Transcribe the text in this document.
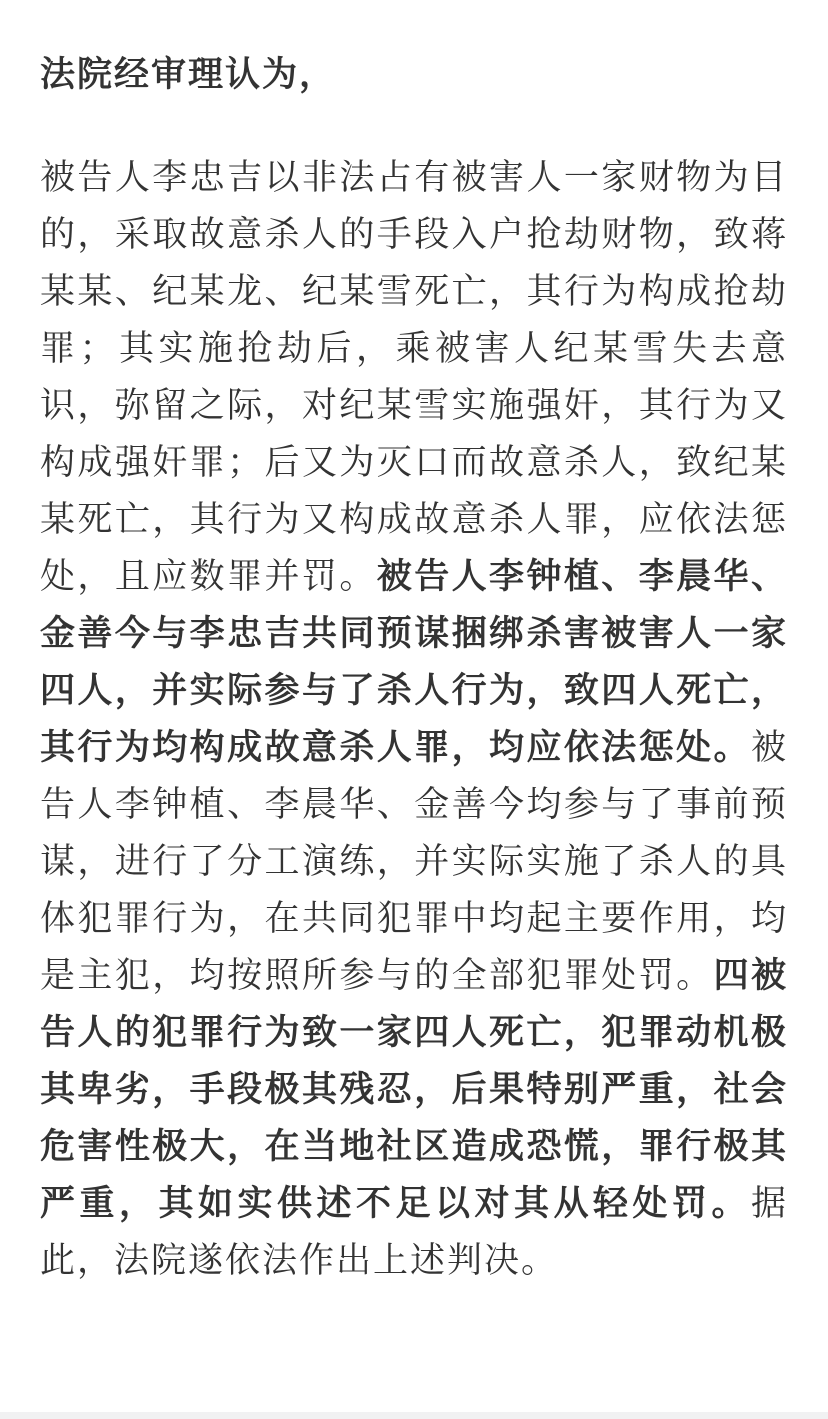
法院经审理认为，

被告人李忠吉以非法占有被害人一家财物为目的，采取故意杀人的手段入户抢劫财物，致蒋某某、纪某龙、纪某雪死亡，其行为构成抢劫罪；其实施抢劫后，乘被害人纪某雪失去意识，弥留之际，对纪某雪实施强奸，其行为又构成强奸罪；后又为灭口而故意杀人，致纪某某死亡，其行为又构成故意杀人罪，应依法惩处，且应数罪并罚。被告人李钟植、李晨华、金善今与李忠吉共同预谋捆绑杀害被害人一家四人，并实际参与了杀人行为，致四人死亡，其行为均构成故意杀人罪，均应依法惩处。被告人李钟植、李晨华、金善今均参与了事前预谋，进行了分工演练，并实际实施了杀人的具体犯罪行为，在共同犯罪中均起主要作用，均是主犯，均按照所参与的全部犯罪处罚。四被告人的犯罪行为致一家四人死亡，犯罪动机极其卑劣，手段极其残忍，后果特别严重，社会危害性极大，在当地社区造成恐慌，罪行极其严重，其如实供述不足以对其从轻处罚。据此，法院遂依法作出上述判决。
